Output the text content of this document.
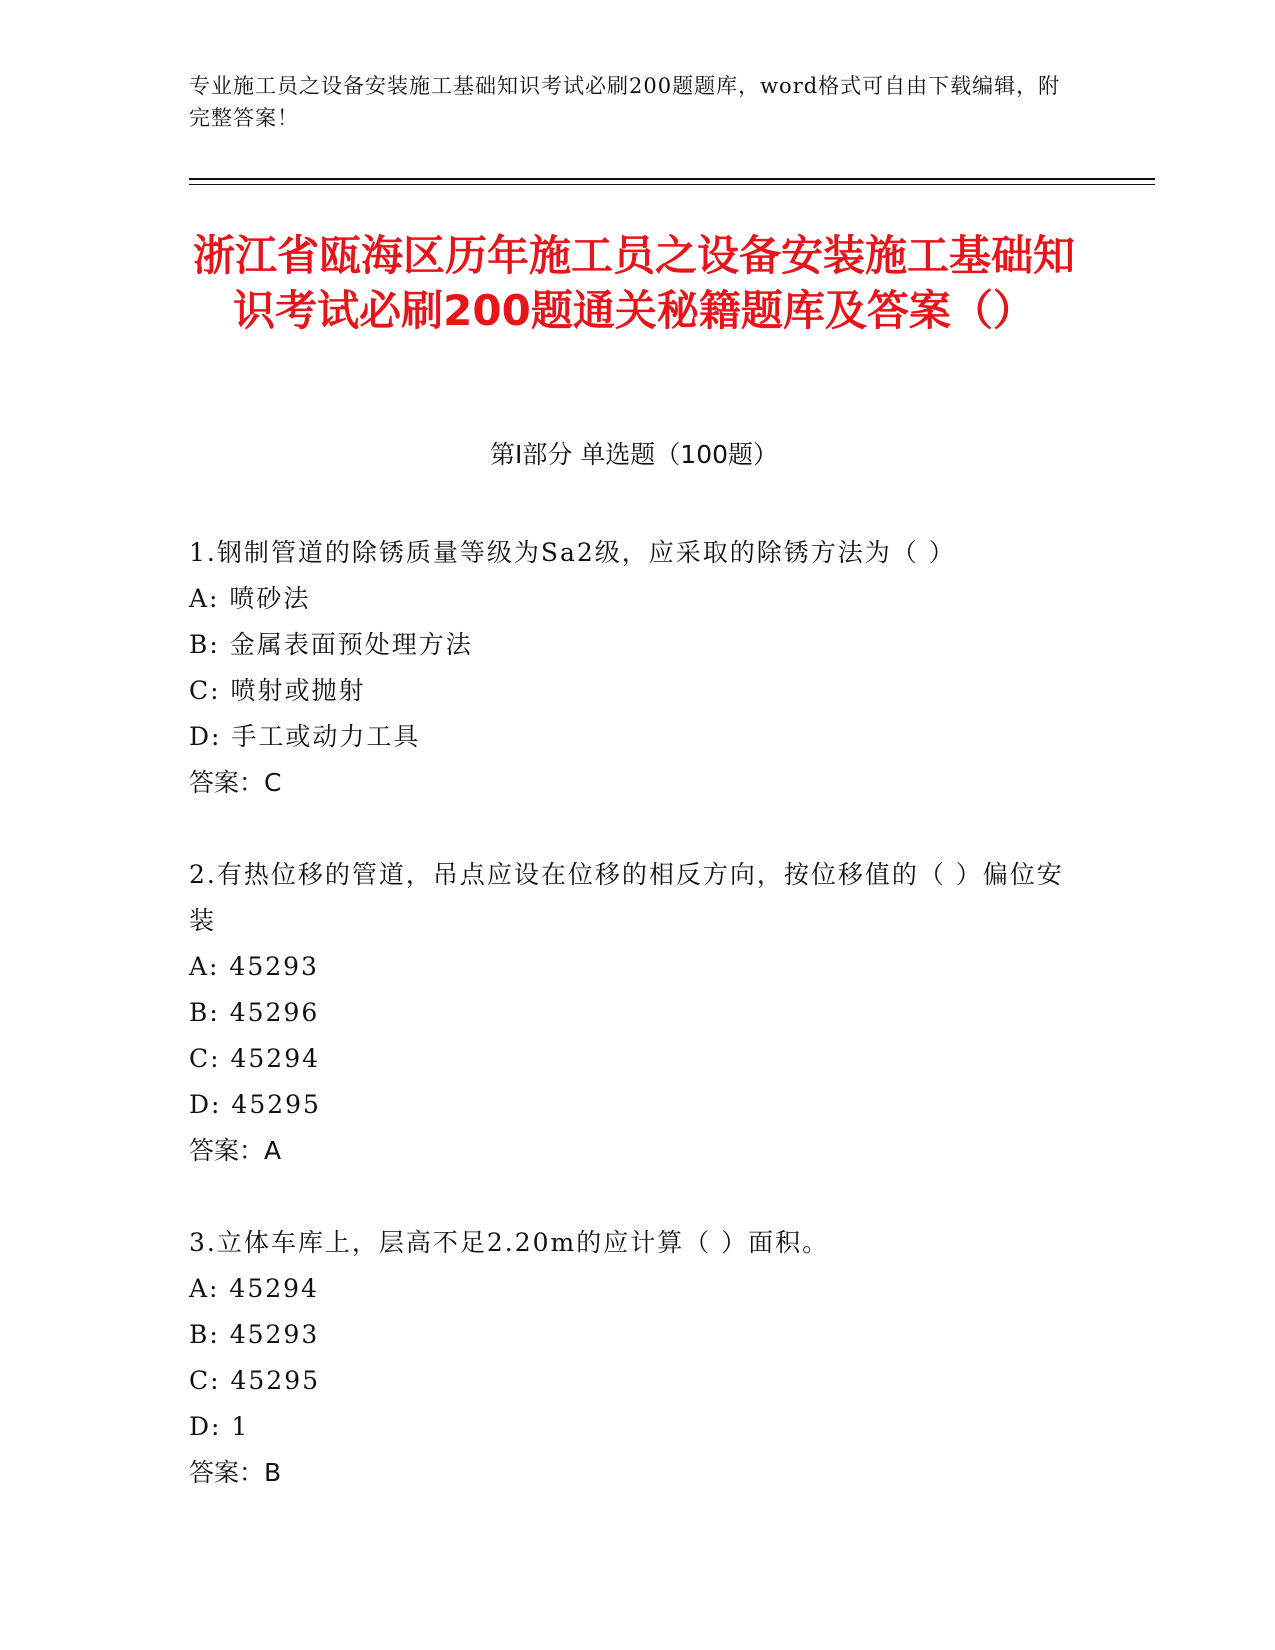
专业施工员之设备安装施工基础知识考试必刷200题题库，word格式可自由下载编辑，附完整答案！
浙江省瓯海区历年施工员之设备安装施工基础知识考试必刷200题通关秘籍题库及答案（）
第I部分 单选题（100题）
1.钢制管道的除锈质量等级为Sa2级，应采取的除锈方法为（ ）
A: 喷砂法
B: 金属表面预处理方法
C: 喷射或抛射
D: 手工或动力工具
答案：C
2.有热位移的管道，吊点应设在位移的相反方向，按位移值的（ ）偏位安装
A: 45293
B: 45296
C: 45294
D: 45295
答案：A
3.立体车库上，层高不足2.20m的应计算（ ）面积。
A: 45294
B: 45293
C: 45295
D: 1
答案：B
